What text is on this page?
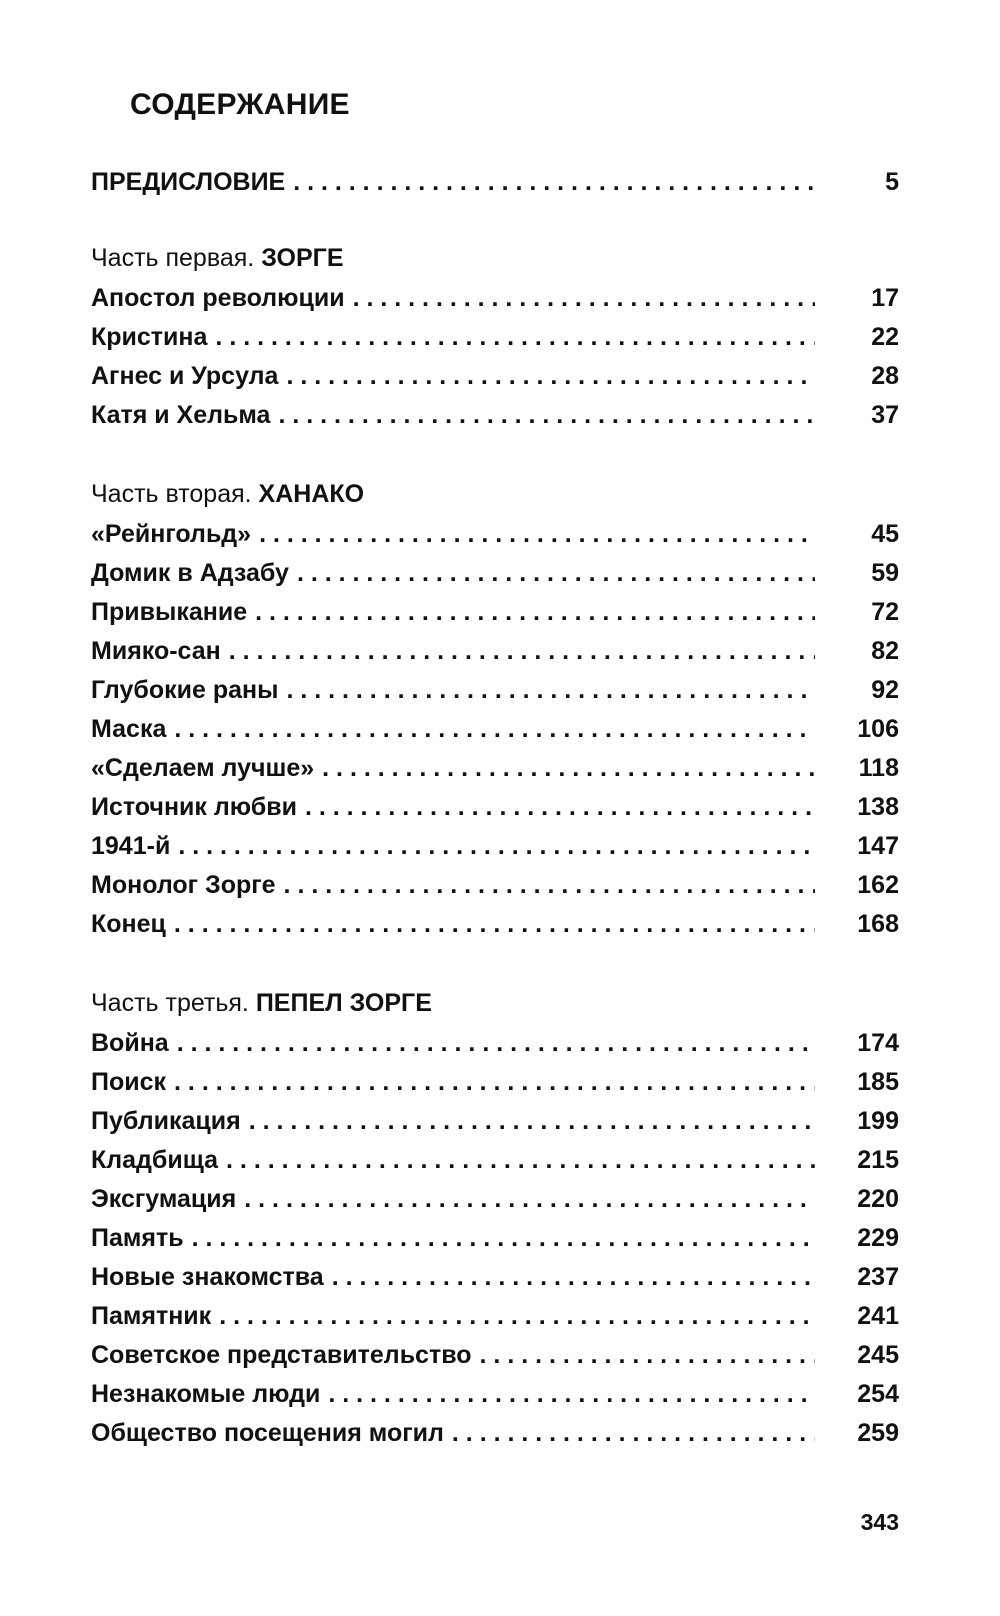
СОДЕРЖАНИЕ
ПРЕДИСЛОВИЕ . . .	5
Часть первая. ЗОРГЕ
Апостол революции . . .	17
Кристина . . .	22
Агнес и Урсула . . .	28
Катя и Хельма . . .	37
Часть вторая. ХАНАКО
«Рейнгольд» . . .	45
Домик в Адзабу . . .	59
Привыкание . . .	72
Мияко-сан . . .	82
Глубокие раны . . .	92
Маска . . .	106
«Сделаем лучше» . . .	118
Источник любви . . .	138
1941-й . . .	147
Монолог Зорге . . .	162
Конец . . .	168
Часть третья. ПЕПЕЛ ЗОРГЕ
Война . . .	174
Поиск . . .	185
Публикация . . .	199
Кладбища . . .	215
Эксгумация . . .	220
Память . . .	229
Новые знакомства . . .	237
Памятник . . .	241
Советское представительство . . .	245
Незнакомые люди . . .	254
Общество посещения могил . . .	259
343
